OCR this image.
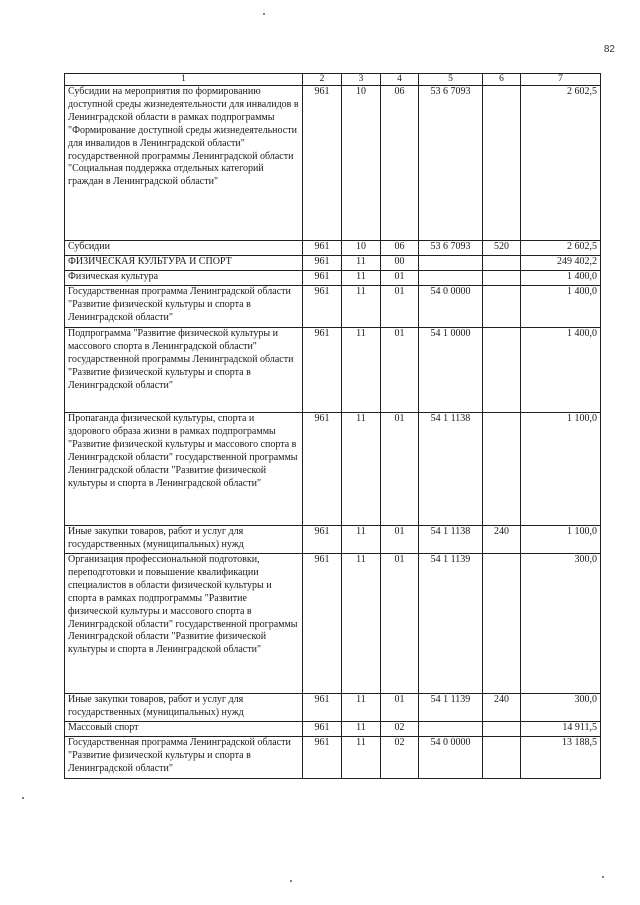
82
1	2	3	4	5	6	7
Субсидии на мероприятия по формированию доступной среды жизнедеятельности для инвалидов в Ленинградской области в рамках подпрограммы "Формирование доступной среды жизнедеятельности для инвалидов в Ленинградской области" государственной программы Ленинградской области "Социальная поддержка отдельных категорий граждан в Ленинградской области"	961	10	06	53 6 7093		2 602,5
Субсидии	961	10	06	53 6 7093	520	2 602,5
ФИЗИЧЕСКАЯ КУЛЬТУРА И СПОРТ	961	11	00			249 402,2
Физическая культура	961	11	01			1 400,0
Государственная программа Ленинградской области "Развитие физической культуры и спорта в Ленинградской области"	961	11	01	54 0 0000		1 400,0
Подпрограмма "Развитие физической культуры и массового спорта в Ленинградской области" государственной программы Ленинградской области "Развитие физической культуры и спорта в Ленинградской области"	961	11	01	54 1 0000		1 400,0
Пропаганда физической культуры, спорта и здорового образа жизни в рамках подпрограммы "Развитие физической культуры и массового спорта в Ленинградской области" государственной программы Ленинградской области "Развитие физической культуры и спорта в Ленинградской области"	961	11	01	54 1 1138		1 100,0
Иные закупки товаров, работ и услуг для государственных (муниципальных) нужд	961	11	01	54 1 1138	240	1 100,0
Организация профессиональной подготовки, переподготовки и повышение квалификации специалистов в области физической культуры и спорта в рамках подпрограммы "Развитие физической культуры и массового спорта в Ленинградской области" государственной программы Ленинградской области "Развитие физической культуры и спорта в Ленинградской области"	961	11	01	54 1 1139		300,0
Иные закупки товаров, работ и услуг для государственных (муниципальных) нужд	961	11	01	54 1 1139	240	300,0
Массовый спорт	961	11	02			14 911,5
Государственная программа Ленинградской области "Развитие физической культуры и спорта в Ленинградской области"	961	11	02	54 0 0000		13 188,5
